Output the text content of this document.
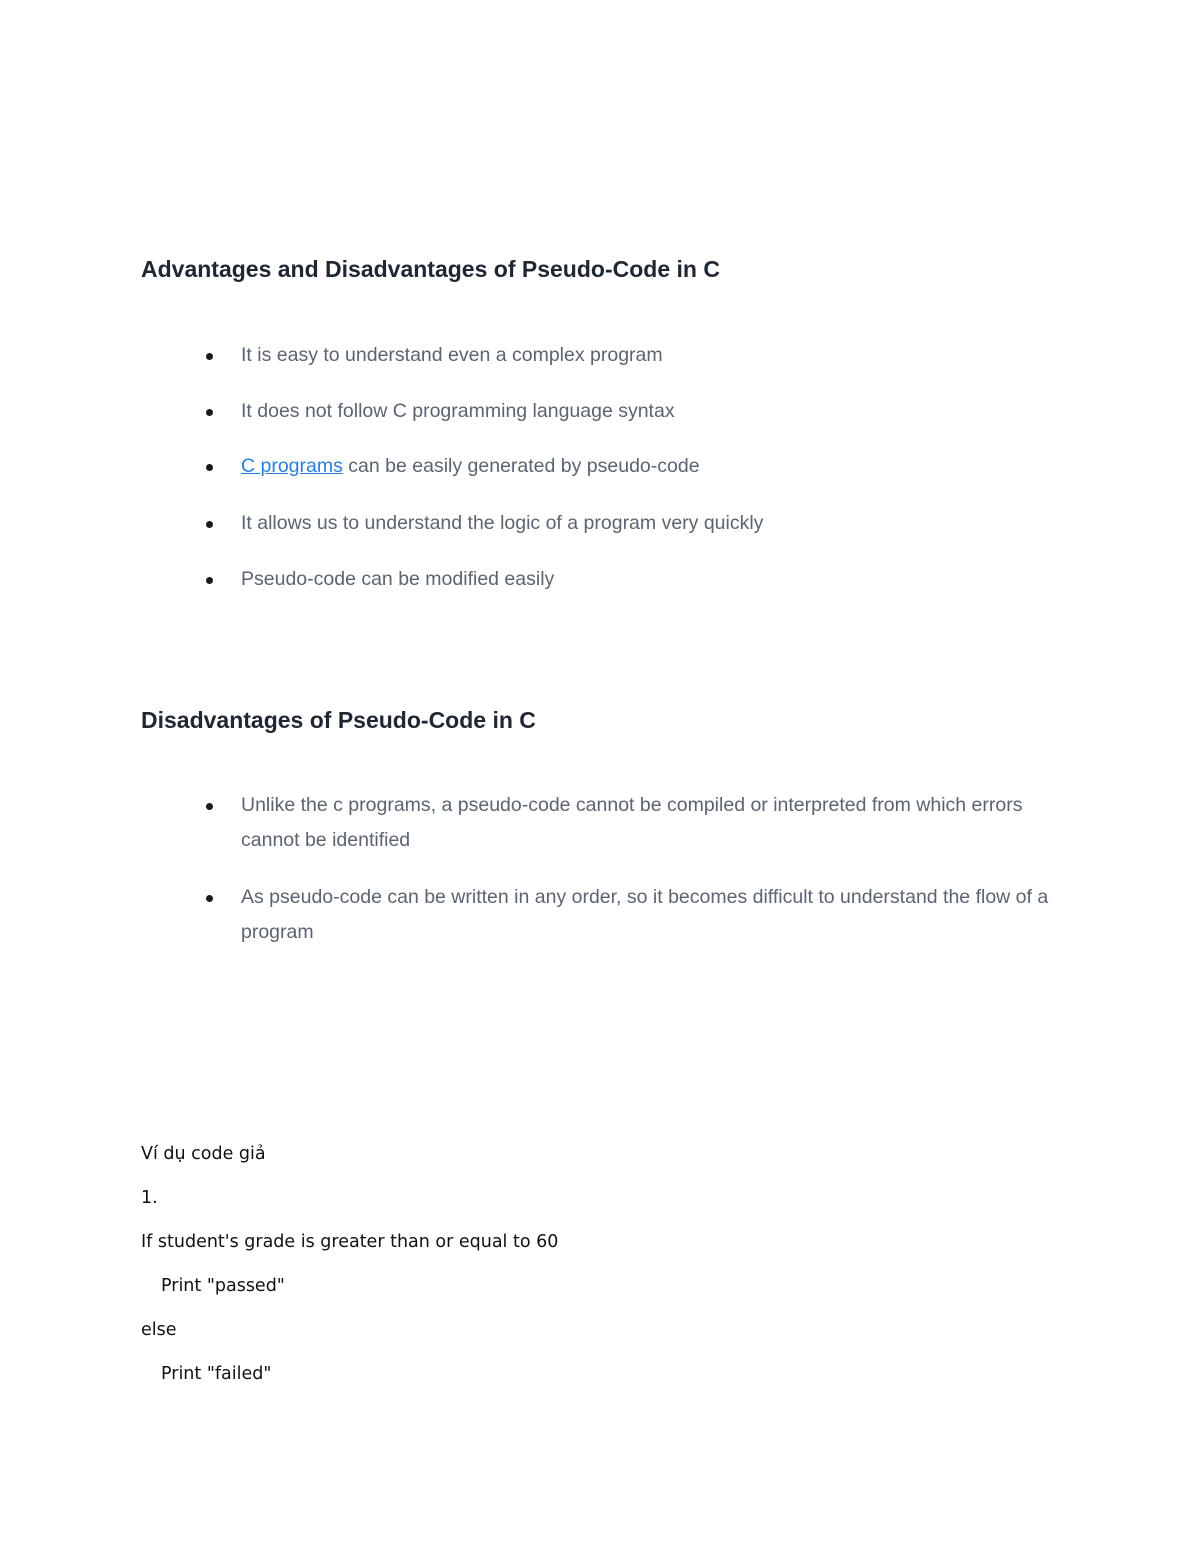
Advantages and Disadvantages of Pseudo-Code in C
It is easy to understand even a complex program
It does not follow C programming language syntax
C programs can be easily generated by pseudo-code
It allows us to understand the logic of a program very quickly
Pseudo-code can be modified easily
Disadvantages of Pseudo-Code in C
Unlike the c programs, a pseudo-code cannot be compiled or interpreted from which errors cannot be identified
As pseudo-code can be written in any order, so it becomes difficult to understand the flow of a program
Ví dụ code giả
1.
If student's grade is greater than or equal to 60
Print "passed"
else
Print "failed"
